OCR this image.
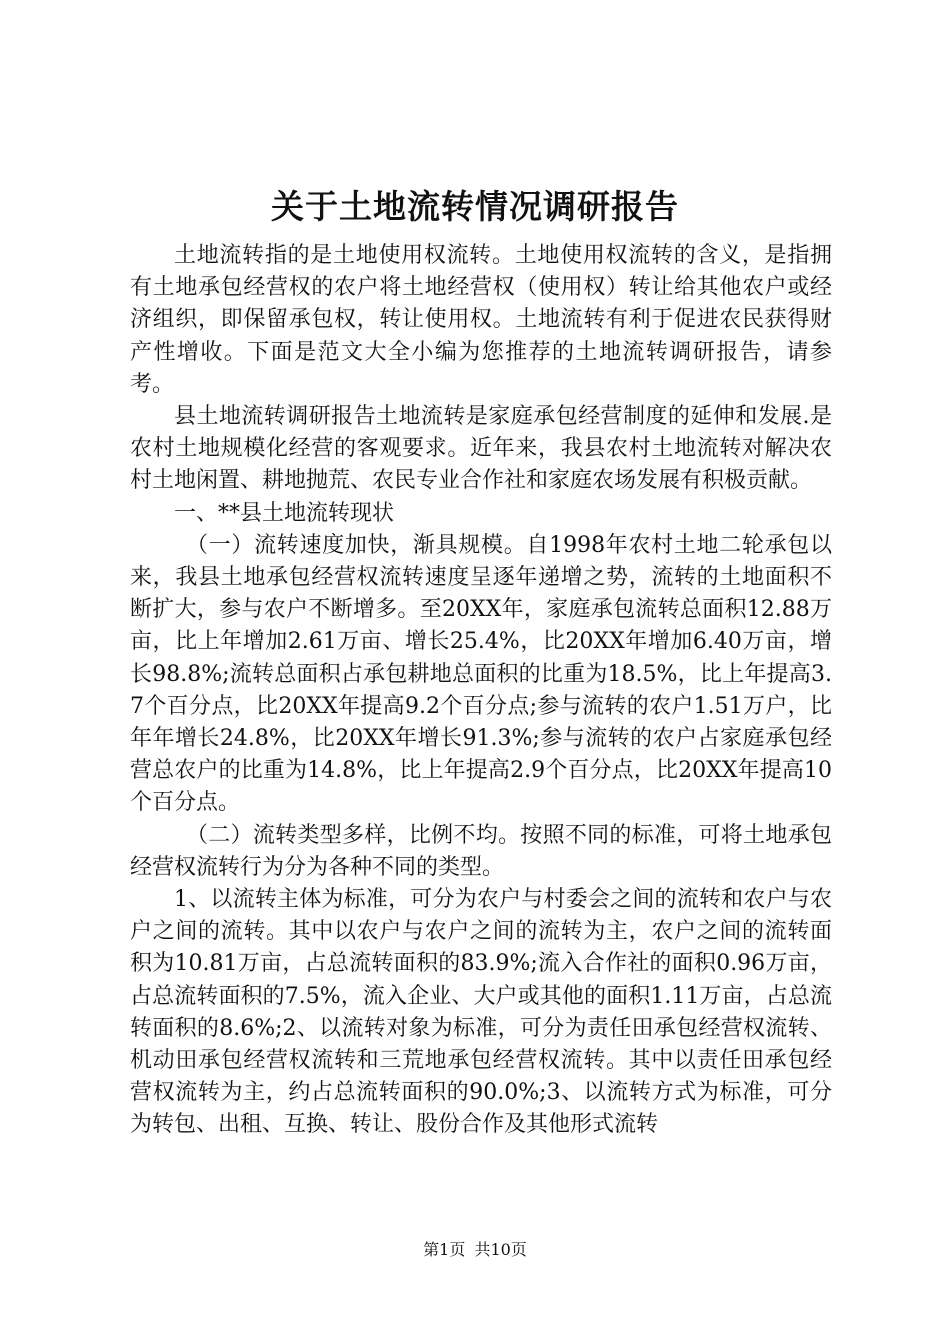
关于土地流转情况调研报告

土地流转指的是土地使用权流转。土地使用权流转的含义，是指拥有土地承包经营权的农户将土地经营权（使用权）转让给其他农户或经济组织，即保留承包权，转让使用权。土地流转有利于促进农民获得财产性增收。下面是范文大全小编为您推荐的土地流转调研报告，请参考。

县土地流转调研报告土地流转是家庭承包经营制度的延伸和发展.是农村土地规模化经营的客观要求。近年来，我县农村土地流转对解决农村土地闲置、耕地抛荒、农民专业合作社和家庭农场发展有积极贡献。

一、**县土地流转现状

（一）流转速度加快，渐具规模。自1998年农村土地二轮承包以来，我县土地承包经营权流转速度呈逐年递增之势，流转的土地面积不断扩大，参与农户不断增多。至20XX年，家庭承包流转总面积12.88万亩，比上年增加2.61万亩、增长25.4%，比20XX年增加6.40万亩，增长98.8%;流转总面积占承包耕地总面积的比重为18.5%，比上年提高3.7个百分点，比20XX年提高9.2个百分点;参与流转的农户1.51万户，比年年增长24.8%，比20XX年增长91.3%;参与流转的农户占家庭承包经营总农户的比重为14.8%，比上年提高2.9个百分点，比20XX年提高10个百分点。

（二）流转类型多样，比例不均。按照不同的标准，可将土地承包经营权流转行为分为各种不同的类型。

1、以流转主体为标准，可分为农户与村委会之间的流转和农户与农户之间的流转。其中以农户与农户之间的流转为主，农户之间的流转面积为10.81万亩，占总流转面积的83.9%;流入合作社的面积0.96万亩，占总流转面积的7.5%，流入企业、大户或其他的面积1.11万亩，占总流转面积的8.6%;2、以流转对象为标准，可分为责任田承包经营权流转、机动田承包经营权流转和三荒地承包经营权流转。其中以责任田承包经营权流转为主，约占总流转面积的90.0%;3、以流转方式为标准，可分为转包、出租、互换、转让、股份合作及其他形式流转

第1页 共10页
